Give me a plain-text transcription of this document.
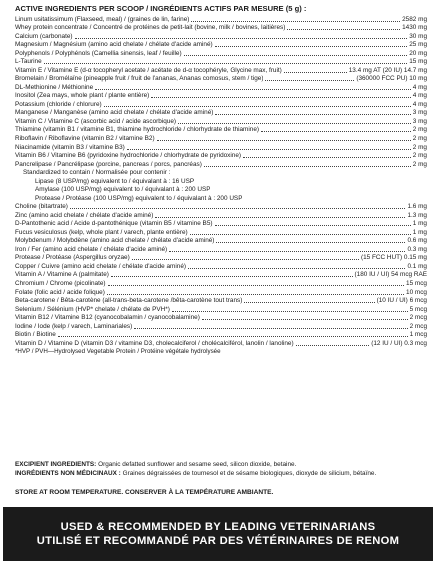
ACTIVE INGREDIENTS PER SCOOP / INGRÉDIENTS ACTIFS PAR MESURE (5 g) :
Linum usitatissimum (Flaxseed, meal) / (graines de lin, farine)	2582 mg
Whey protein concentrate / Concentré de protéines de petit-lait (bovine, milk / bovines, laitières)	1430 mg
Calcium (carbonate)	30 mg
Magnesium / Magnésium (amino acid chelate / chélate d'acide aminé)	25 mg
Polyphenols / Polyphénols (Camellia sinensis, leaf / feuille)	20 mg
L-Taurine	15 mg
Vitamin E / Vitamine E (d-α tocopheryl acetate / acétate de d-α tocophéryle, Glycine max, fruit)	13.4 mg AT (20 IU) 14.7 mg
Bromelain / Bromélaïne (pineapple fruit / fruit de l'ananas, Ananas comosus, stem / tige)	(360000 FCC PU) 10 mg
DL-Methionine / Méthionine	4 mg
Inositol (Zea mays, whole plant / plante entière)	4 mg
Potassium (chloride / chlorure)	4 mg
Manganese / Manganèse (amino acid chelate / chélate d'acide aminé)	3 mg
Vitamin C / Vitamine C (ascorbic acid / acide ascorbique)	3 mg
Thiamine (vitamin B1 / vitamine B1, thiamine hydrochloride / chlorhydrate de thiamine)	2 mg
Riboflavin / Riboflavine (vitamin B2 / vitamine B2)	2 mg
Niacinamide (vitamin B3 / vitamine B3)	2 mg
Vitamin B6 / Vitamine B6 (pyridoxine hydrochloride / chlorhydrate de pyridoxine)	2 mg
Pancrelipase / Pancrélipase (porcine, pancreas / porcs, pancréas)	2 mg
Standardized to contain / Normalisée pour contenir :
Lipase (8 USP/mg) equivalent to / équivalant à : 16 USP
Amylase (100 USP/mg) equivalent to / équivalant à : 200 USP
Protease / Protéase (100 USP/mg) equivalent to / équivalant à : 200 USP
Choline (bitartrate)	1.6 mg
Zinc (amino acid chelate / chélate d'acide aminé)	1.3 mg
D-Pantothenic acid / Acide d-pantothénique (vitamin B5 / vitamine B5)	1 mg
Fucus vesiculosus (kelp, whole plant / varech, plante entière)	1 mg
Molybdenum / Molybdène (amino acid chelate / chélate d'acide aminé)	0.6 mg
Iron / Fer (amino acid chelate / chélate d'acide aminé)	0.3 mg
Protease / Protéase (Aspergillus oryzae)	(15 FCC HUT) 0.15 mg
Copper / Cuivre (amino acid chelate / chélate d'acide aminé)	0.1 mg
Vitamin A / Vitamine A (palmitate)	(180 IU / UI) 54 mcg RAE
Chromium / Chrome (picolinate)	15 mcg
Folate (folic acid / acide folique)	10 mcg
Beta-carotene / Bêta-carotène (all-trans-beta-carotene /bêta-carotène tout trans)	(10 IU / UI) 6 mcg
Selenium / Sélénium (HVP* chelate / chélate de PVH*)	5 mcg
Vitamin B12 / Vitamine B12 (cyanocobalamin / cyanocobalamine)	2 mcg
Iodine / Iode (kelp / varech, Laminariales)	2 mcg
Biotin / Biotine	1 mcg
Vitamin D / Vitamine D (vitamin D3 / vitamine D3, cholecalciferol / cholécalciférol, lanolin / lanoline)	(12 IU / UI) 0.3 mcg
*HVP / PVH—Hydrolysed Vegetable Protein / Protéine végétale hydrolysée
EXCIPIENT INGREDIENTS: Organic defatted sunflower and sesame seed, silicon dioxide, betaine.
INGRÉDIENTS NON MÉDICINAUX : Graines dégraissées de tournesol et de sésame biologiques, dioxyde de silicium, bétaïne.
STORE AT ROOM TEMPERATURE. CONSERVER À LA TEMPÉRATURE AMBIANTE.
USED & RECOMMENDED BY LEADING VETERINARIANS
UTILISÉ ET RECOMMANDÉ PAR DES VÉTÉRINAIRES DE RENOM
